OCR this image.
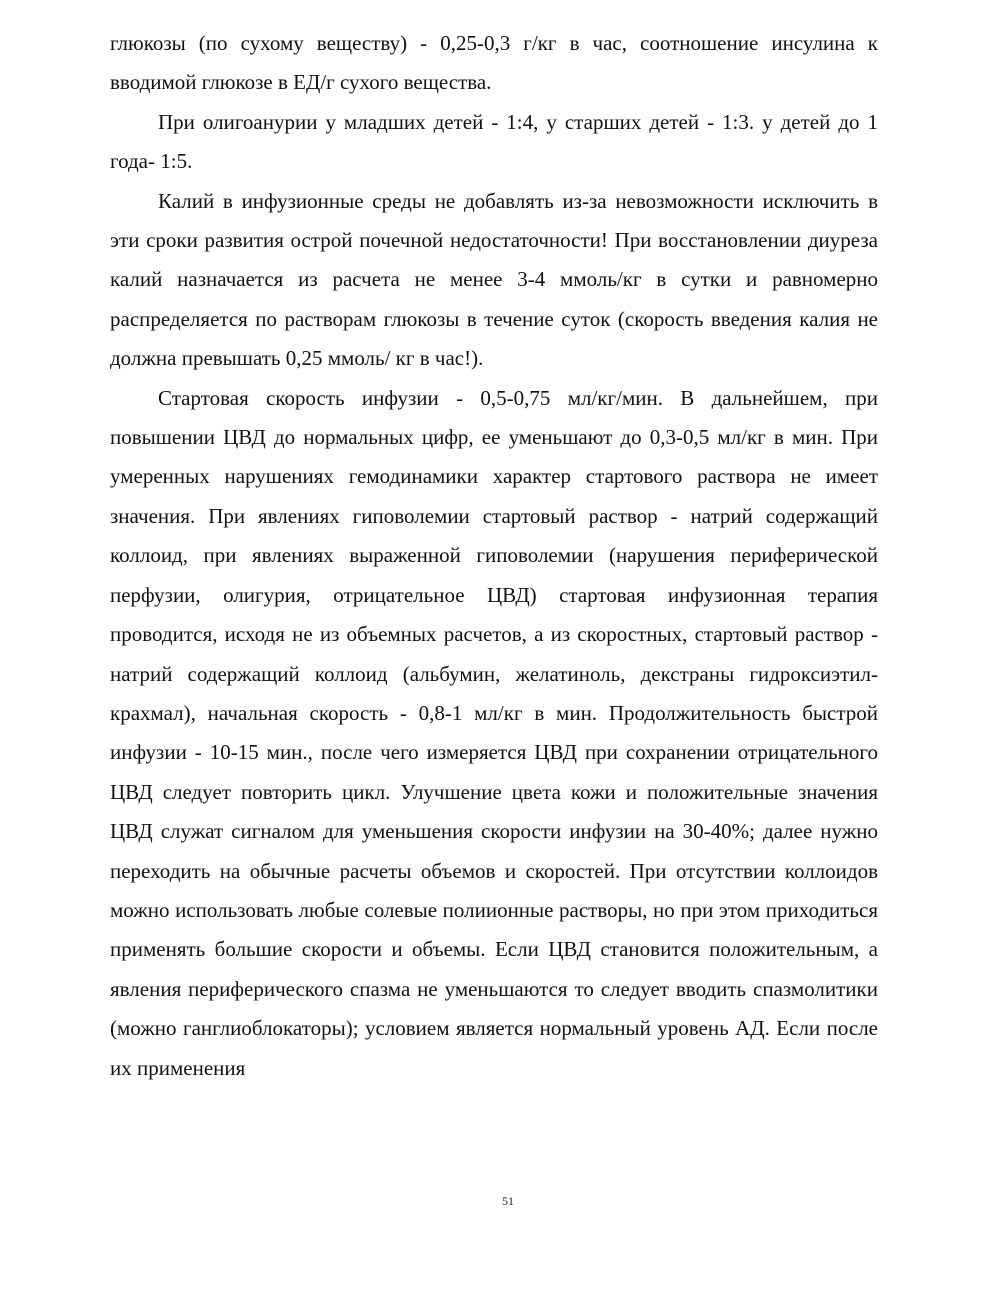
глюкозы (по сухому веществу) - 0,25-0,3 г/кг в час, соотношение инсулина к вводимой глюкозе в ЕД/г сухого вещества.

При олигоанурии у младших детей - 1:4, у старших детей - 1:3. у детей до 1 года- 1:5.

Калий в инфузионные среды не добавлять из-за невозможности исключить в эти сроки развития острой почечной недостаточности! При восстановлении диуреза калий назначается из расчета не менее 3-4 ммоль/кг в сутки и равномерно распределяется по растворам глюкозы в течение суток (скорость введения калия не должна превышать 0,25 ммоль/ кг в час!).

Стартовая скорость инфузии - 0,5-0,75 мл/кг/мин. В дальнейшем, при повышении ЦВД до нормальных цифр, ее уменьшают до 0,3-0,5 мл/кг в мин. При умеренных нарушениях гемодинамики характер стартового раствора не имеет значения. При явлениях гиповолемии стартовый раствор - натрий содержащий коллоид, при явлениях выраженной гиповолемии (нарушения периферической перфузии, олигурия, отрицательное ЦВД) стартовая инфузионная терапия проводится, исходя не из объемных расчетов, а из скоростных, стартовый раствор - натрий содержащий коллоид (альбумин, желатиноль, декстраны гидроксиэтил-крахмал), начальная скорость - 0,8-1 мл/кг в мин. Продолжительность быстрой инфузии - 10-15 мин., после чего измеряется ЦВД при сохранении отрицательного ЦВД следует повторить цикл. Улучшение цвета кожи и положительные значения ЦВД служат сигналом для уменьшения скорости инфузии на 30-40%; далее нужно переходить на обычные расчеты объемов и скоростей. При отсутствии коллоидов можно использовать любые солевые полиионные растворы, но при этом приходиться применять большие скорости и объемы. Если ЦВД становится положительным, а явления периферического спазма не уменьшаются то следует вводить спазмолитики (можно ганглиоблокаторы); условием является нормальный уровень АД. Если после их применения

51
